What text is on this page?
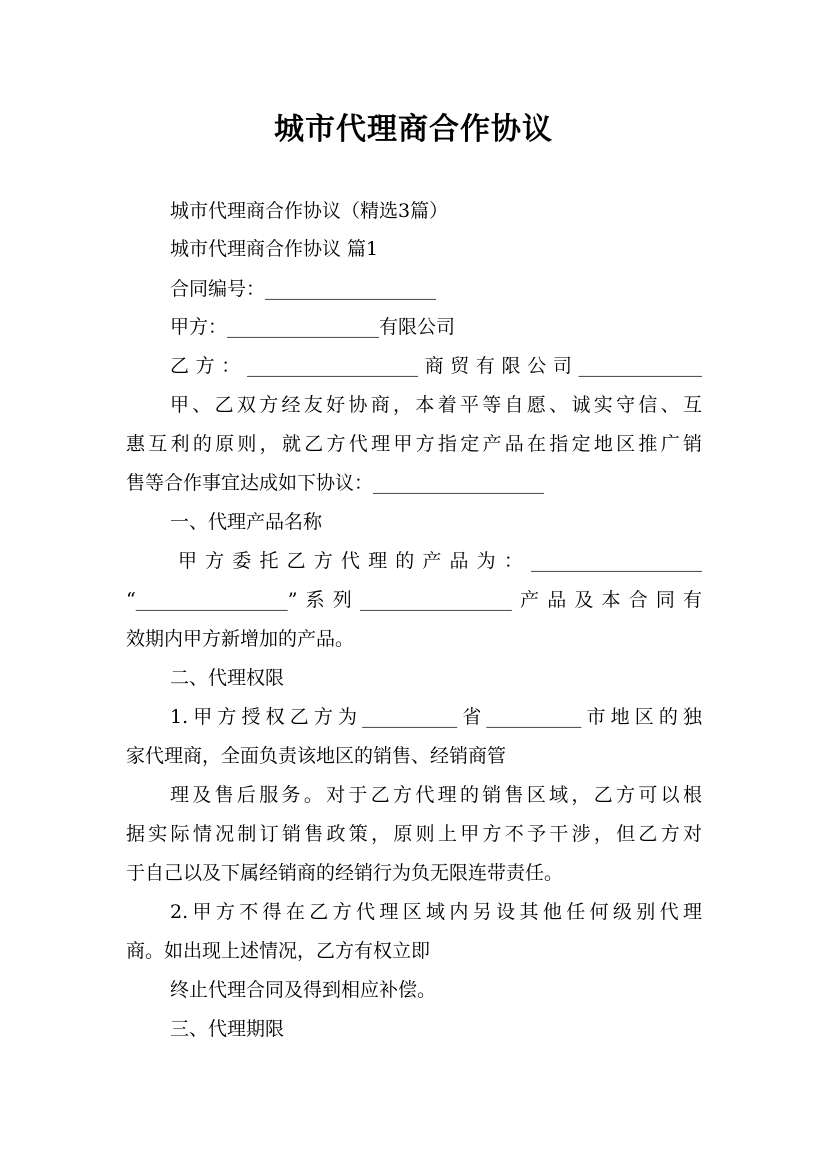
城市代理商合作协议
城市代理商合作协议（精选3篇）
城市代理商合作协议 篇1
合同编号：__________________
甲方：________________有限公司
乙方：__________________商贸有限公司_____________
甲、乙双方经友好协商，本着平等自愿、诚实守信、互
惠互利的原则，就乙方代理甲方指定产品在指定地区推广销
售等合作事宜达成如下协议：__________________
一、代理产品名称
甲方委托乙方代理的产品为：__________________
“________________”系列________________产品及本合同有
效期内甲方新增加的产品。
二、代理权限
1.甲方授权乙方为__________省__________市地区的独
家代理商，全面负责该地区的销售、经销商管
理及售后服务。对于乙方代理的销售区域，乙方可以根
据实际情况制订销售政策，原则上甲方不予干涉，但乙方对
于自己以及下属经销商的经销行为负无限连带责任。
2.甲方不得在乙方代理区域内另设其他任何级别代理
商。如出现上述情况，乙方有权立即
终止代理合同及得到相应补偿。
三、代理期限
